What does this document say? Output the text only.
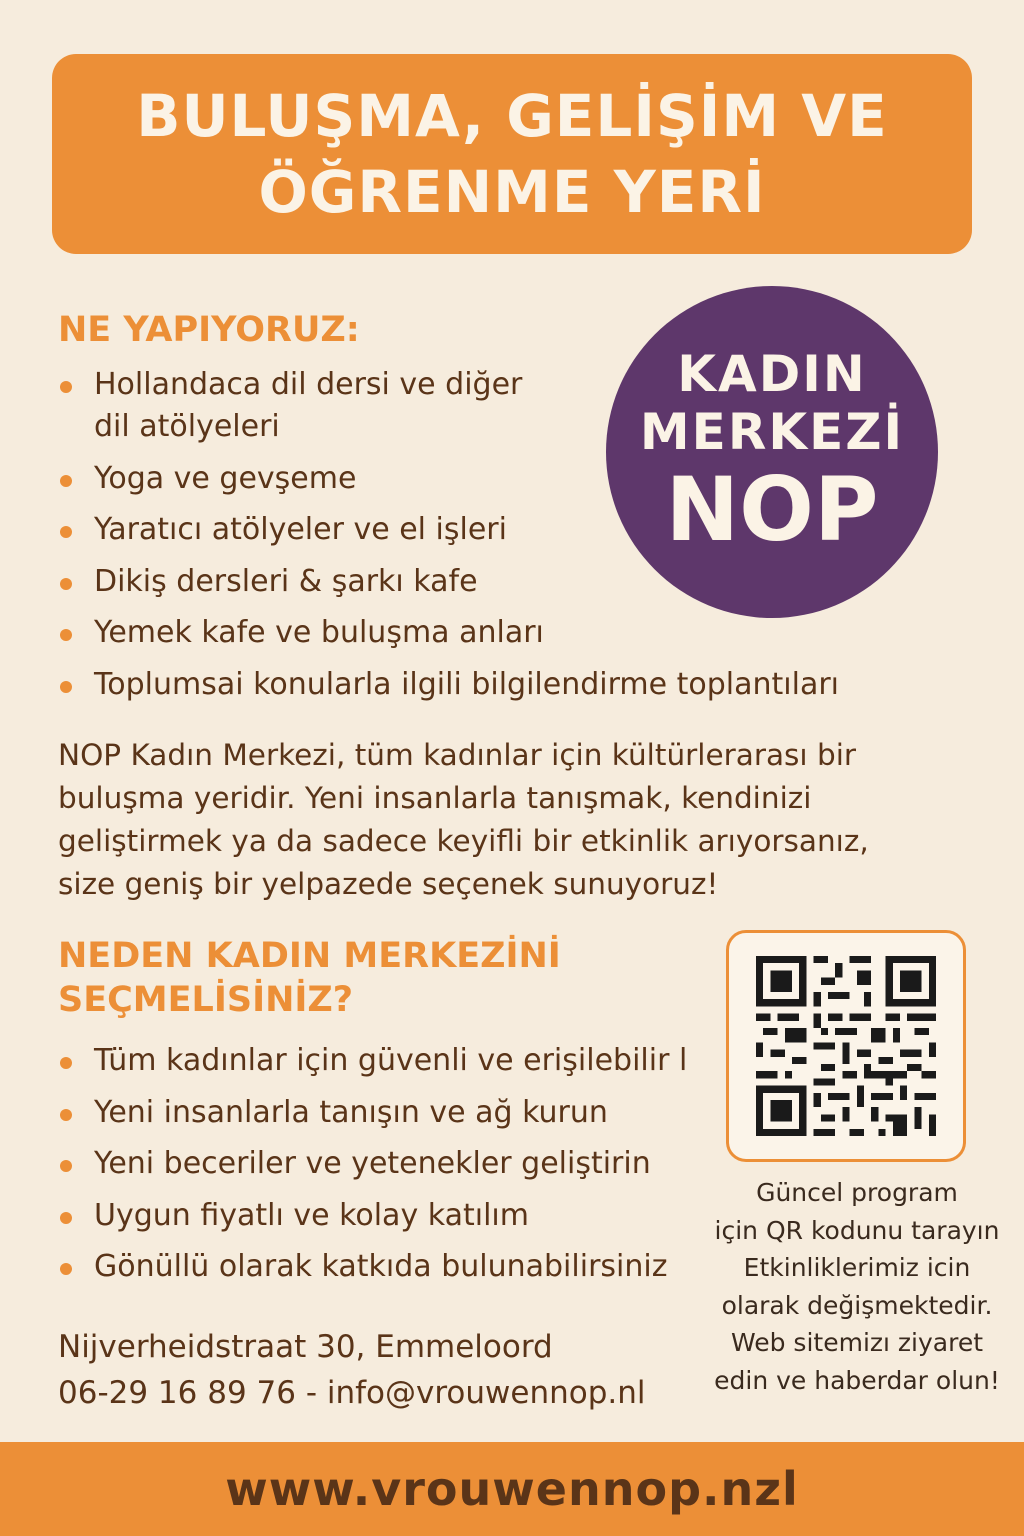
BULUŞMA, GELİŞİM VE
ÖĞRENME YERİ
NE YAPIYORUZ:
Hollandaca dil dersi ve diğer
dil atölyeleri
Yoga ve gevşeme
Yaratıcı atölyeler ve el işleri
Dikiş dersleri & şarkı kafe
Yemek kafe ve buluşma anları
Toplumsai konularla ilgili bilgilendirme toplantıları
KADIN
MERKEZİ
NOP
NOP Kadın Merkezi, tüm kadınlar için kültürlerarası bir
buluşma yeridir. Yeni insanlarla tanışmak, kendinizi
geliştirmek ya da sadece keyifli bir etkinlik arıyorsanız,
size geniş bir yelpazede seçenek sunuyoruz!
NEDEN KADIN MERKEZİNİ
SEÇMELİSİNİZ?
Tüm kadınlar için güvenli ve erişilebilir l
Yeni insanlarla tanışın ve ağ kurun
Yeni beceriler ve yetenekler geliştirin
Uygun fiyatlı ve kolay katılım
Gönüllü olarak katkıda bulunabilirsiniz
Güncel program
için QR kodunu tarayın
Etkinliklerimiz icin
olarak değişmektedir.
Web sitemizı ziyaret
edin ve haberdar olun!
Nijverheidstraat 30, Emmeloord
06-29 16 89 76 - info@vrouwennop.nl
www.vrouwennop.nzl
